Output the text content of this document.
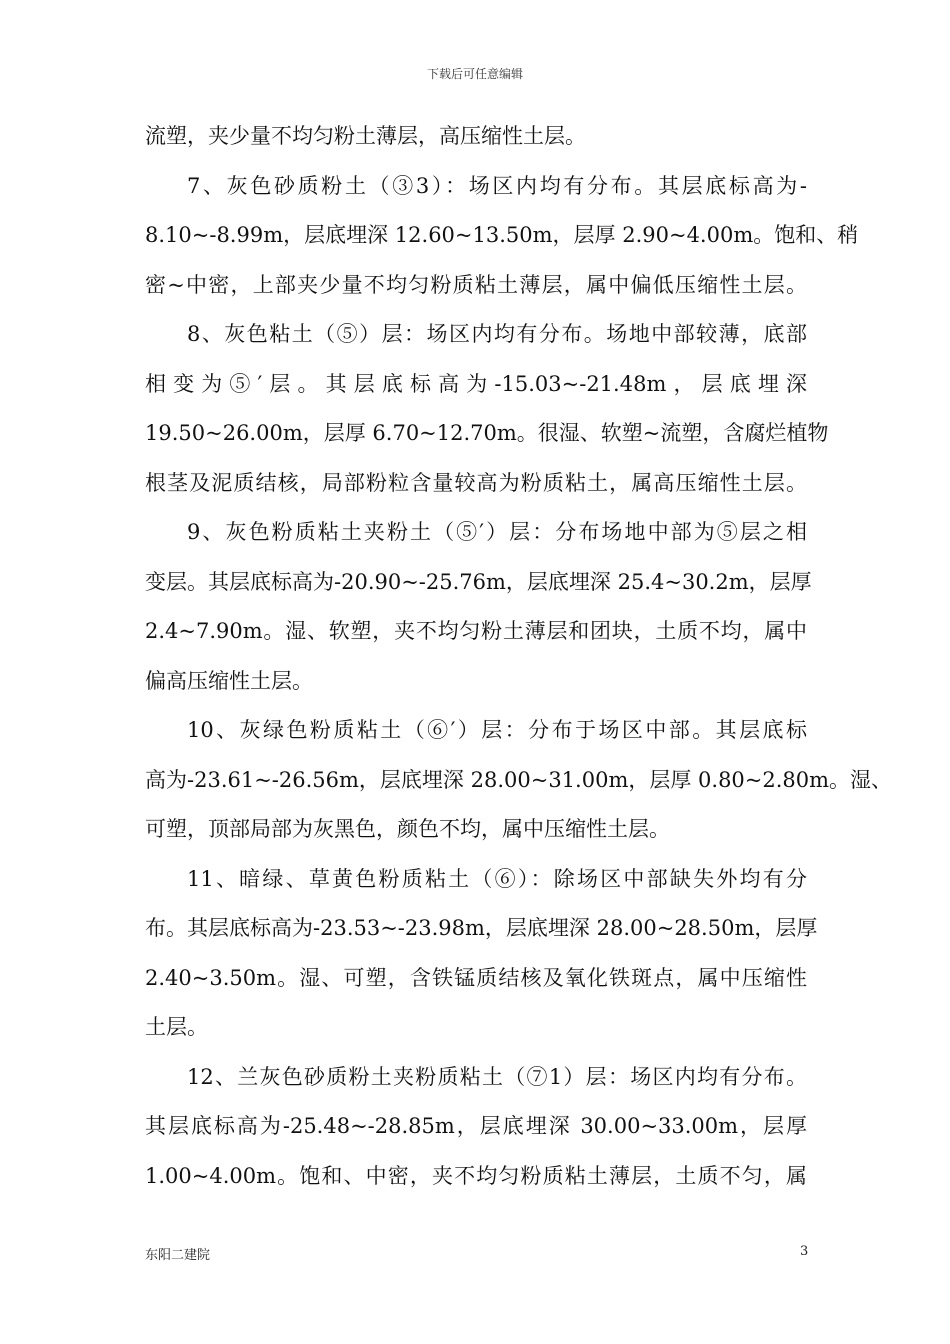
下载后可任意编辑
流塑，夹少量不均匀粉土薄层，高压缩性土层。
7、灰色砂质粉土（③3）：场区内均有分布。其层底标高为-
8.10~-8.99m，层底埋深 12.60~13.50m，层厚 2.90~4.00m。饱和、稍
密~中密，上部夹少量不均匀粉质粘土薄层，属中偏低压缩性土层。
8、灰色粘土（⑤）层：场区内均有分布。场地中部较薄，底部
相变为⑤′层。其层底标高为-15.03~-21.48m，层底埋深
19.50~26.00m，层厚 6.70~12.70m。很湿、软塑~流塑，含腐烂植物
根茎及泥质结核，局部粉粒含量较高为粉质粘土，属高压缩性土层。
9、灰色粉质粘土夹粉土（⑤′）层：分布场地中部为⑤层之相
变层。其层底标高为-20.90~-25.76m，层底埋深 25.4~30.2m，层厚
2.4~7.90m。湿、软塑，夹不均匀粉土薄层和团块，土质不均，属中
偏高压缩性土层。
10、灰绿色粉质粘土（⑥′）层：分布于场区中部。其层底标
高为-23.61~-26.56m，层底埋深 28.00~31.00m，层厚 0.80~2.80m。湿、
可塑，顶部局部为灰黑色，颜色不均，属中压缩性土层。
11、暗绿、草黄色粉质粘土（⑥）：除场区中部缺失外均有分
布。其层底标高为-23.53~-23.98m，层底埋深 28.00~28.50m，层厚
2.40~3.50m。湿、可塑，含铁锰质结核及氧化铁斑点，属中压缩性
土层。
12、兰灰色砂质粉土夹粉质粘土（⑦1）层：场区内均有分布。
其层底标高为-25.48~-28.85m，层底埋深 30.00~33.00m，层厚
1.00~4.00m。饱和、中密，夹不均匀粉质粘土薄层，土质不匀，属
东阳二建院	3
